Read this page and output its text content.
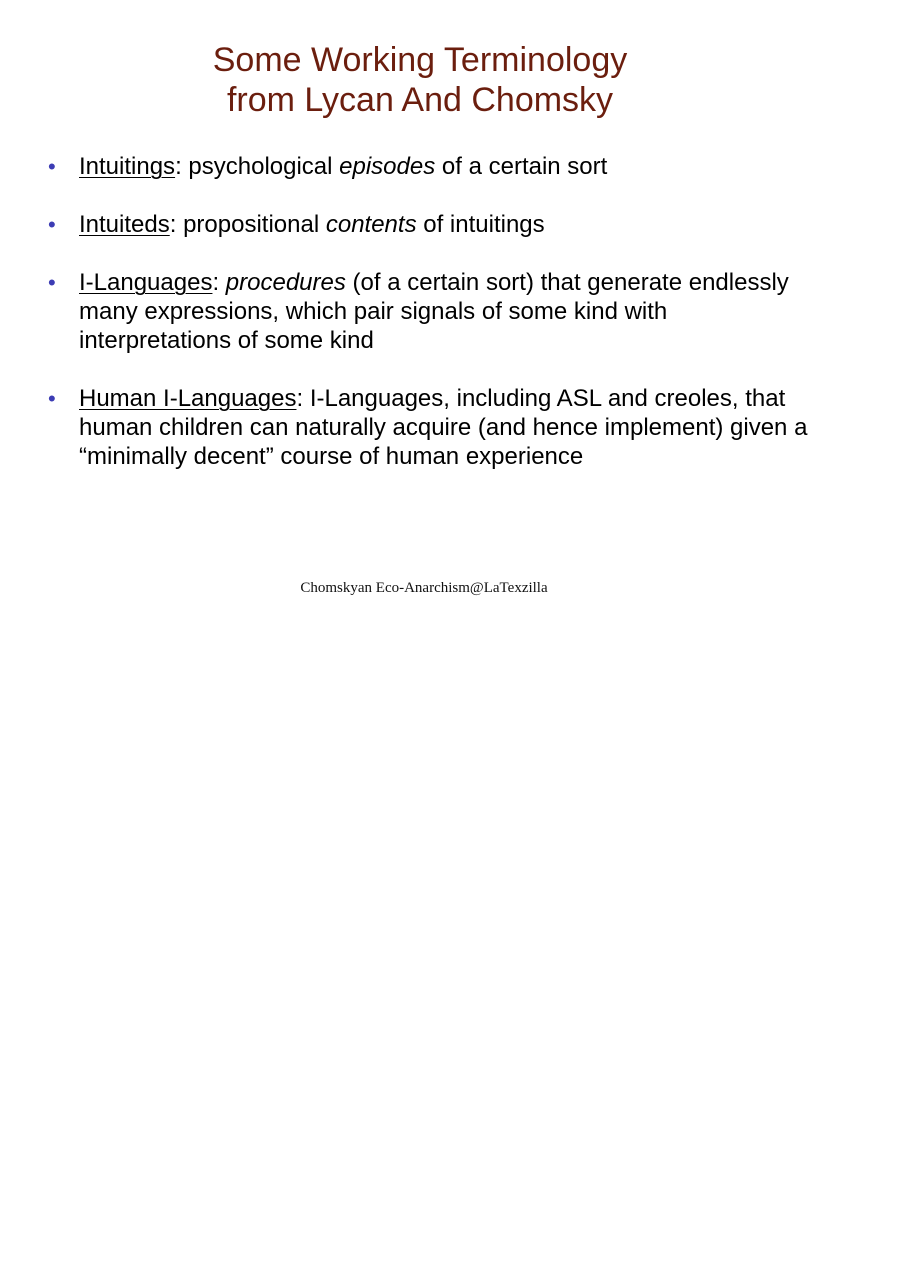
Some Working Terminology
from Lycan And Chomsky
• Intuitings: psychological episodes of a certain sort
• Intuiteds: propositional contents of intuitings
• I-Languages: procedures (of a certain sort) that generate endlessly many expressions, which pair signals of some kind with interpretations of some kind
• Human I-Languages: I-Languages, including ASL and creoles, that human children can naturally acquire (and hence implement) given a “minimally decent” course of human experience
Chomskyan Eco-Anarchism@LaTexzilla
